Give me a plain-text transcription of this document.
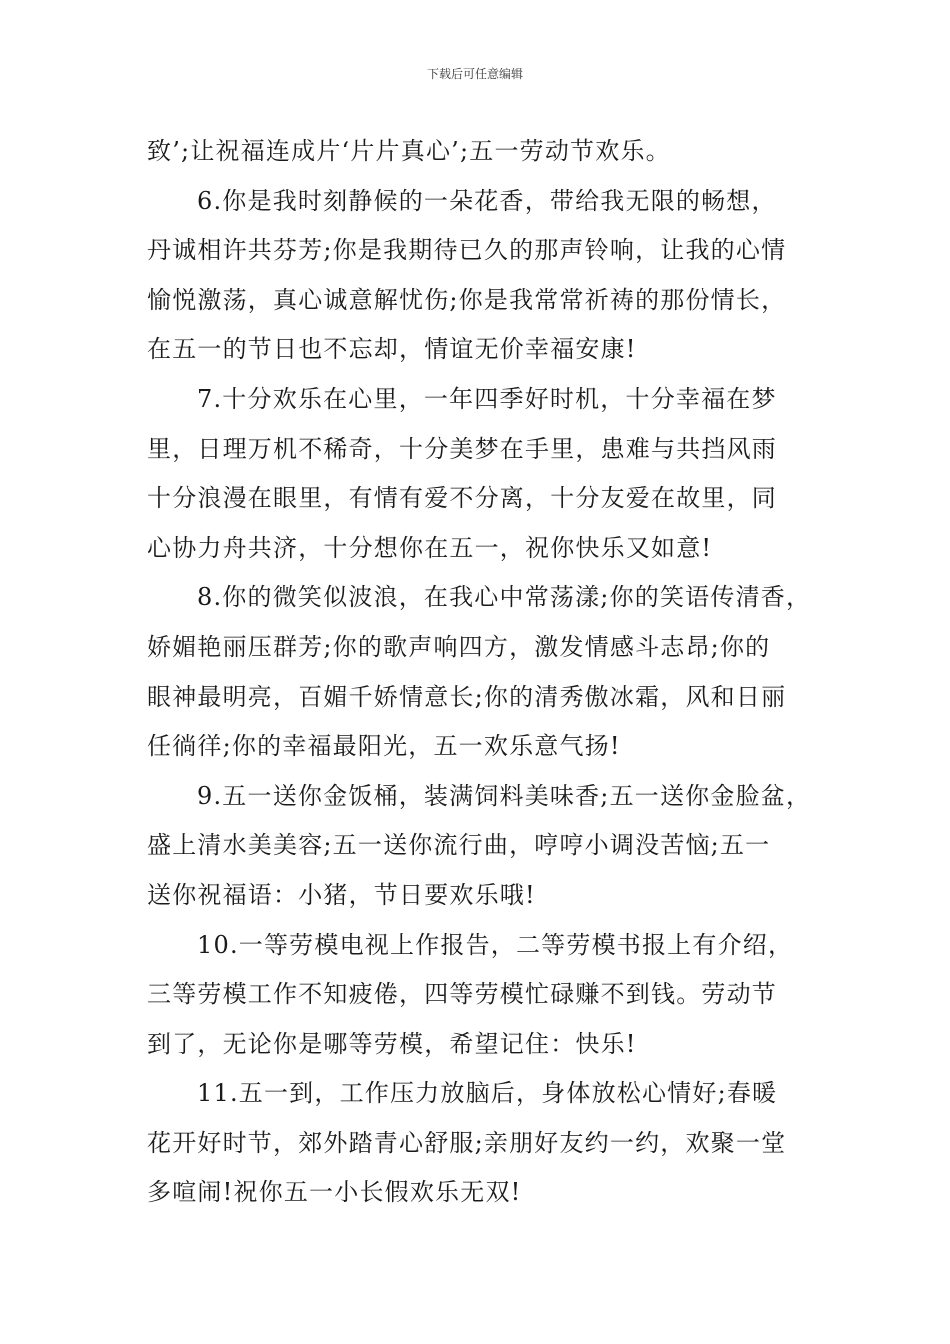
下载后可任意编辑

致’;让祝福连成片‘片片真心’;五一劳动节欢乐。

6.你是我时刻静候的一朵花香，带给我无限的畅想，
丹诚相许共芬芳;你是我期待已久的那声铃响，让我的心情
愉悦激荡，真心诚意解忧伤;你是我常常祈祷的那份情长，
在五一的节日也不忘却，情谊无价幸福安康!

7.十分欢乐在心里，一年四季好时机，十分幸福在梦
里，日理万机不稀奇，十分美梦在手里，患难与共挡风雨
十分浪漫在眼里，有情有爱不分离，十分友爱在故里，同
心协力舟共济，十分想你在五一，祝你快乐又如意!

8.你的微笑似波浪，在我心中常荡漾;你的笑语传清香，
娇媚艳丽压群芳;你的歌声响四方，激发情感斗志昂;你的
眼神最明亮，百媚千娇情意长;你的清秀傲冰霜，风和日丽
任徜徉;你的幸福最阳光，五一欢乐意气扬!

9.五一送你金饭桶，装满饲料美味香;五一送你金脸盆，
盛上清水美美容;五一送你流行曲，哼哼小调没苦恼;五一
送你祝福语：小猪，节日要欢乐哦!

10.一等劳模电视上作报告，二等劳模书报上有介绍，
三等劳模工作不知疲倦，四等劳模忙碌赚不到钱。劳动节
到了，无论你是哪等劳模，希望记住：快乐!

11.五一到，工作压力放脑后，身体放松心情好;春暖
花开好时节，郊外踏青心舒服;亲朋好友约一约，欢聚一堂
多喧闹!祝你五一小长假欢乐无双!
